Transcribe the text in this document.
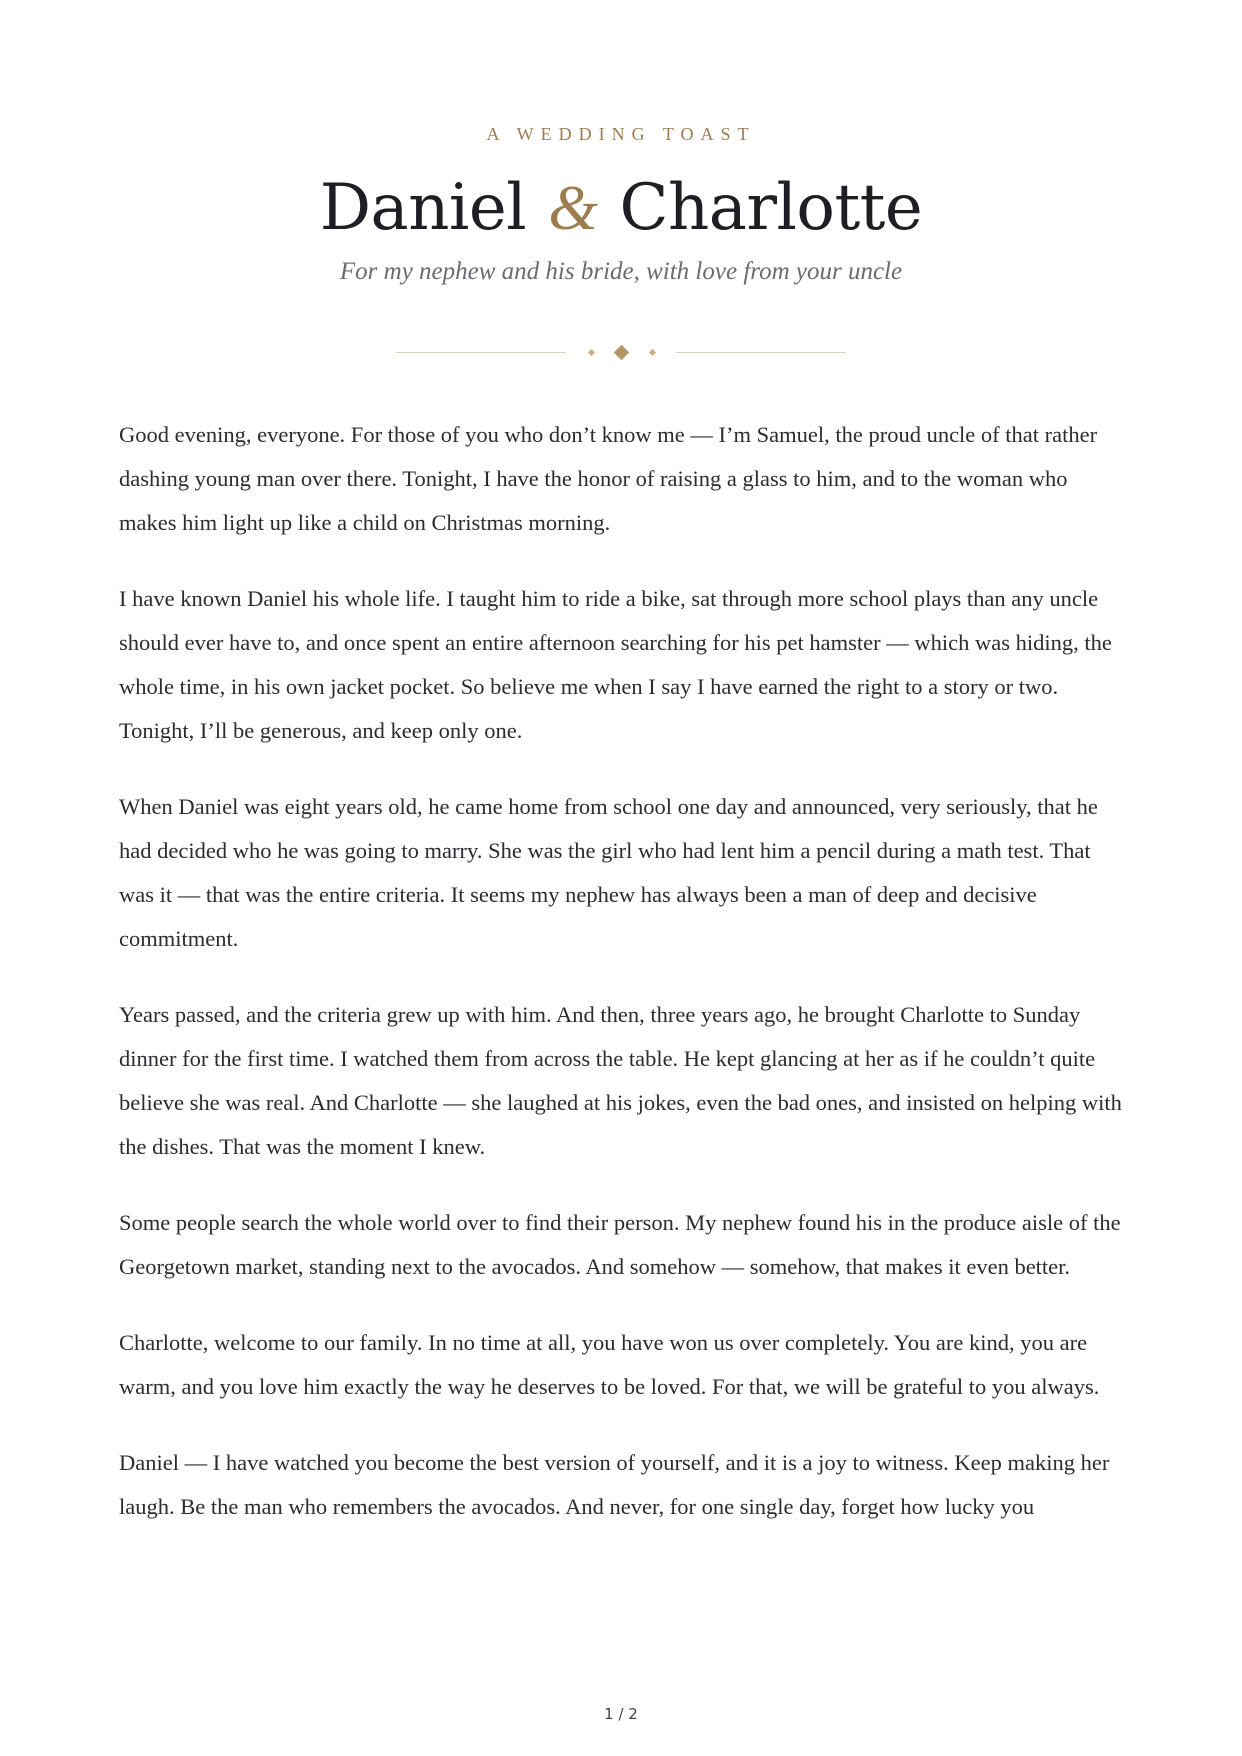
A WEDDING TOAST
Daniel & Charlotte
For my nephew and his bride, with love from your uncle

Good evening, everyone. For those of you who don’t know me — I’m Samuel, the proud uncle of that rather dashing young man over there. Tonight, I have the honor of raising a glass to him, and to the woman who makes him light up like a child on Christmas morning.

I have known Daniel his whole life. I taught him to ride a bike, sat through more school plays than any uncle should ever have to, and once spent an entire afternoon searching for his pet hamster — which was hiding, the whole time, in his own jacket pocket. So believe me when I say I have earned the right to a story or two. Tonight, I’ll be generous, and keep only one.

When Daniel was eight years old, he came home from school one day and announced, very seriously, that he had decided who he was going to marry. She was the girl who had lent him a pencil during a math test. That was it — that was the entire criteria. It seems my nephew has always been a man of deep and decisive commitment.

Years passed, and the criteria grew up with him. And then, three years ago, he brought Charlotte to Sunday dinner for the first time. I watched them from across the table. He kept glancing at her as if he couldn’t quite believe she was real. And Charlotte — she laughed at his jokes, even the bad ones, and insisted on helping with the dishes. That was the moment I knew.

Some people search the whole world over to find their person. My nephew found his in the produce aisle of the Georgetown market, standing next to the avocados. And somehow — somehow, that makes it even better.

Charlotte, welcome to our family. In no time at all, you have won us over completely. You are kind, you are warm, and you love him exactly the way he deserves to be loved. For that, we will be grateful to you always.

Daniel — I have watched you become the best version of yourself, and it is a joy to witness. Keep making her laugh. Be the man who remembers the avocados. And never, for one single day, forget how lucky you

1 / 2
